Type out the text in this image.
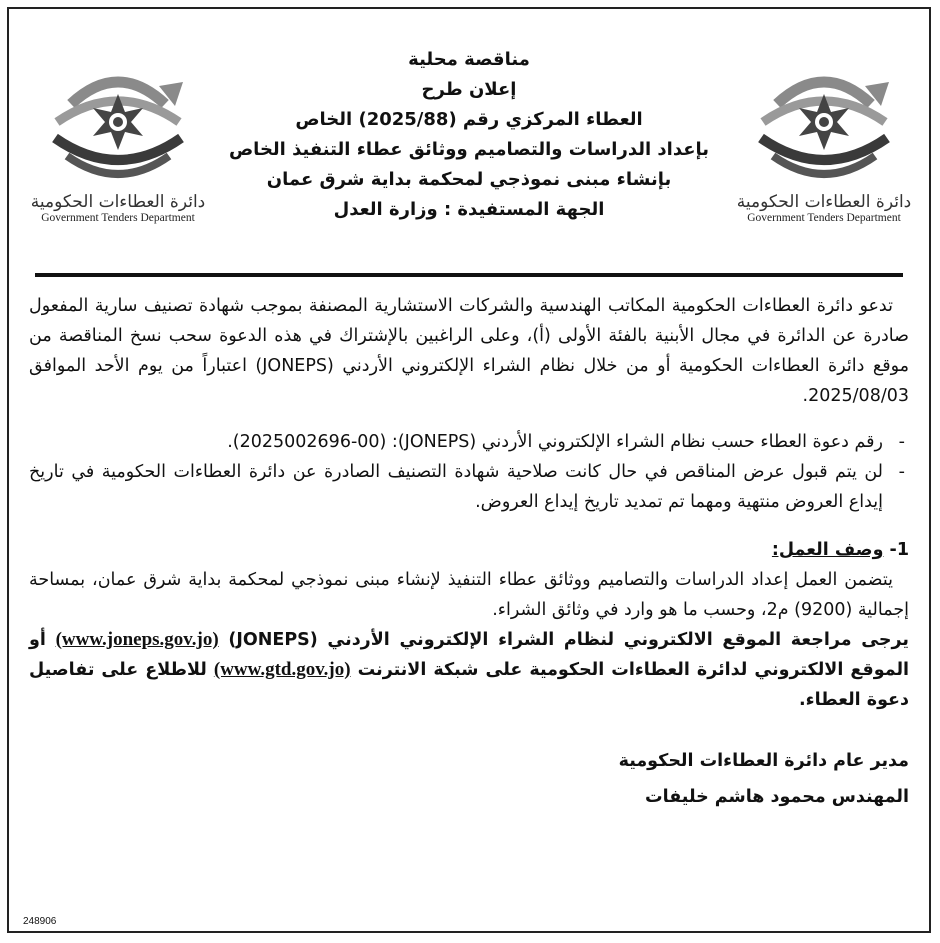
دائرة العطاءات الحكومية
Government Tenders Department
دائرة العطاءات الحكومية
Government Tenders Department
مناقصة محلية
إعلان طرح
العطاء المركزي رقم (2025/88) الخاص
بإعداد الدراسات والتصاميم ووثائق عطاء التنفيذ الخاص
بإنشاء مبنى نموذجي لمحكمة بداية شرق عمان
الجهة المستفيدة : وزارة العدل

تدعو دائرة العطاءات الحكومية المكاتب الهندسية والشركات الاستشارية المصنفة بموجب شهادة تصنيف سارية المفعول صادرة عن الدائرة في مجال الأبنية بالفئة الأولى (أ)، وعلى الراغبين بالإشتراك في هذه الدعوة سحب نسخ المناقصة من موقع دائرة العطاءات الحكومية أو من خلال نظام الشراء الإلكتروني الأردني (JONEPS) اعتباراً من يوم الأحد الموافق 2025/08/03.

-
رقم دعوة العطاء حسب نظام الشراء الإلكتروني الأردني (JONEPS): (2025002696-00).
-
لن يتم قبول عرض المناقص في حال كانت صلاحية شهادة التصنيف الصادرة عن دائرة العطاءات الحكومية في تاريخ إيداع العروض منتهية ومهما تم تمديد تاريخ إيداع العروض.
1- وصف العمل:

يتضمن العمل إعداد الدراسات والتصاميم ووثائق عطاء التنفيذ لإنشاء مبنى نموذجي لمحكمة بداية شرق عمان، بمساحة إجمالية (9200) م2، وحسب ما هو وارد في وثائق الشراء.

يرجى مراجعة الموقع الالكتروني لنظام الشراء الإلكتروني الأردني (JONEPS) (www.joneps.gov.jo) أو الموقع الالكتروني لدائرة العطاءات الحكومية على شبكة الانترنت (www.gtd.gov.jo) للاطلاع على تفاصيل دعوة العطاء.

مدير عام دائرة العطاءات الحكومية
المهندس محمود هاشم خليفات
248906
